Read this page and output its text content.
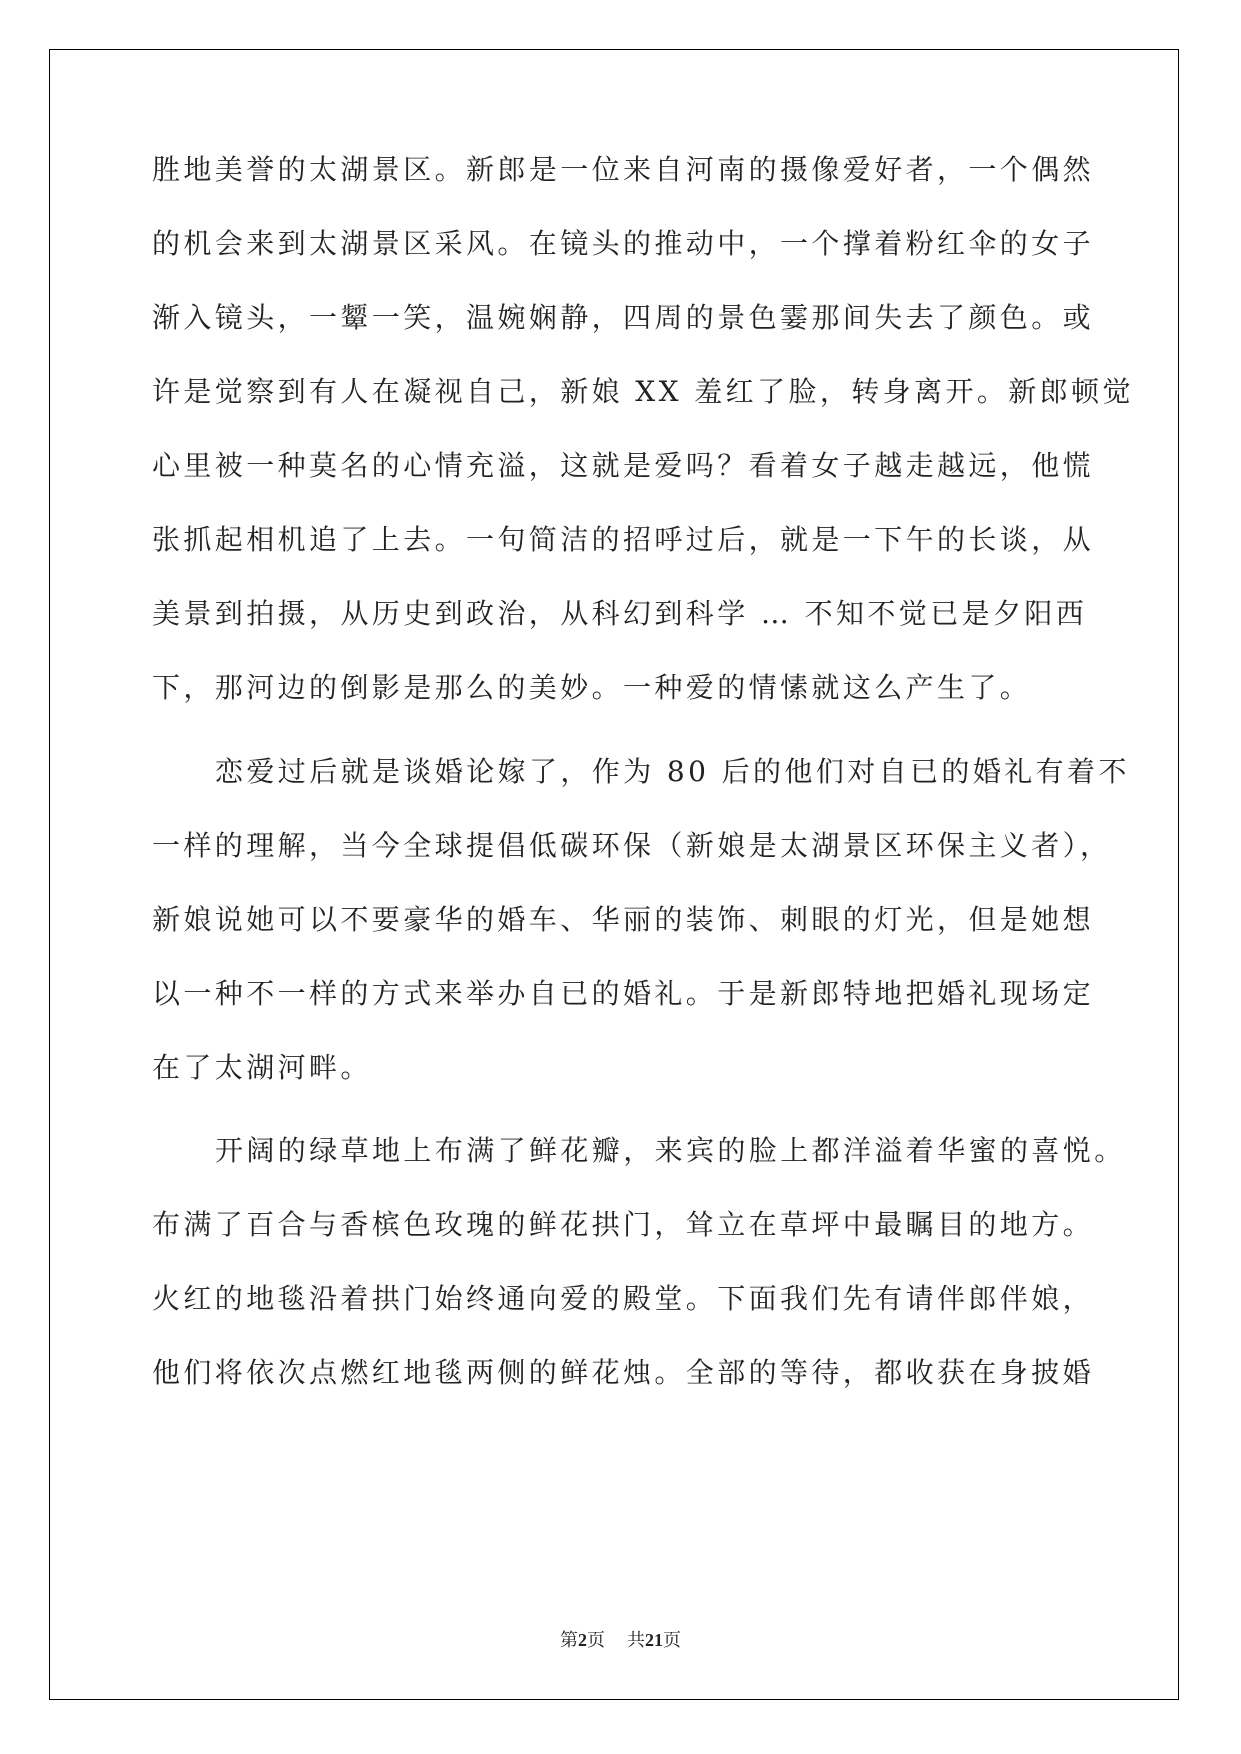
胜地美誉的太湖景区。新郎是一位来自河南的摄像爱好者，一个偶然
的机会来到太湖景区采风。在镜头的推动中，一个撑着粉红伞的女子
渐入镜头，一颦一笑，温婉娴静，四周的景色霎那间失去了颜色。或
许是觉察到有人在凝视自己，新娘 XX 羞红了脸，转身离开。新郎顿觉
心里被一种莫名的心情充溢，这就是爱吗？看着女子越走越远，他慌
张抓起相机追了上去。一句简洁的招呼过后，就是一下午的长谈，从
美景到拍摄，从历史到政治，从科幻到科学 … 不知不觉已是夕阳西
下，那河边的倒影是那么的美妙。一种爱的情愫就这么产生了。
恋爱过后就是谈婚论嫁了，作为 80 后的他们对自已的婚礼有着不
一样的理解，当今全球提倡低碳环保（新娘是太湖景区环保主义者），
新娘说她可以不要豪华的婚车、华丽的装饰、刺眼的灯光，但是她想
以一种不一样的方式来举办自已的婚礼。于是新郎特地把婚礼现场定
在了太湖河畔。
开阔的绿草地上布满了鲜花瓣，来宾的脸上都洋溢着华蜜的喜悦。
布满了百合与香槟色玫瑰的鲜花拱门，耸立在草坪中最瞩目的地方。
火红的地毯沿着拱门始终通向爱的殿堂。下面我们先有请伴郎伴娘，
他们将依次点燃红地毯两侧的鲜花烛。全部的等待，都收获在身披婚
第2页 共21页
